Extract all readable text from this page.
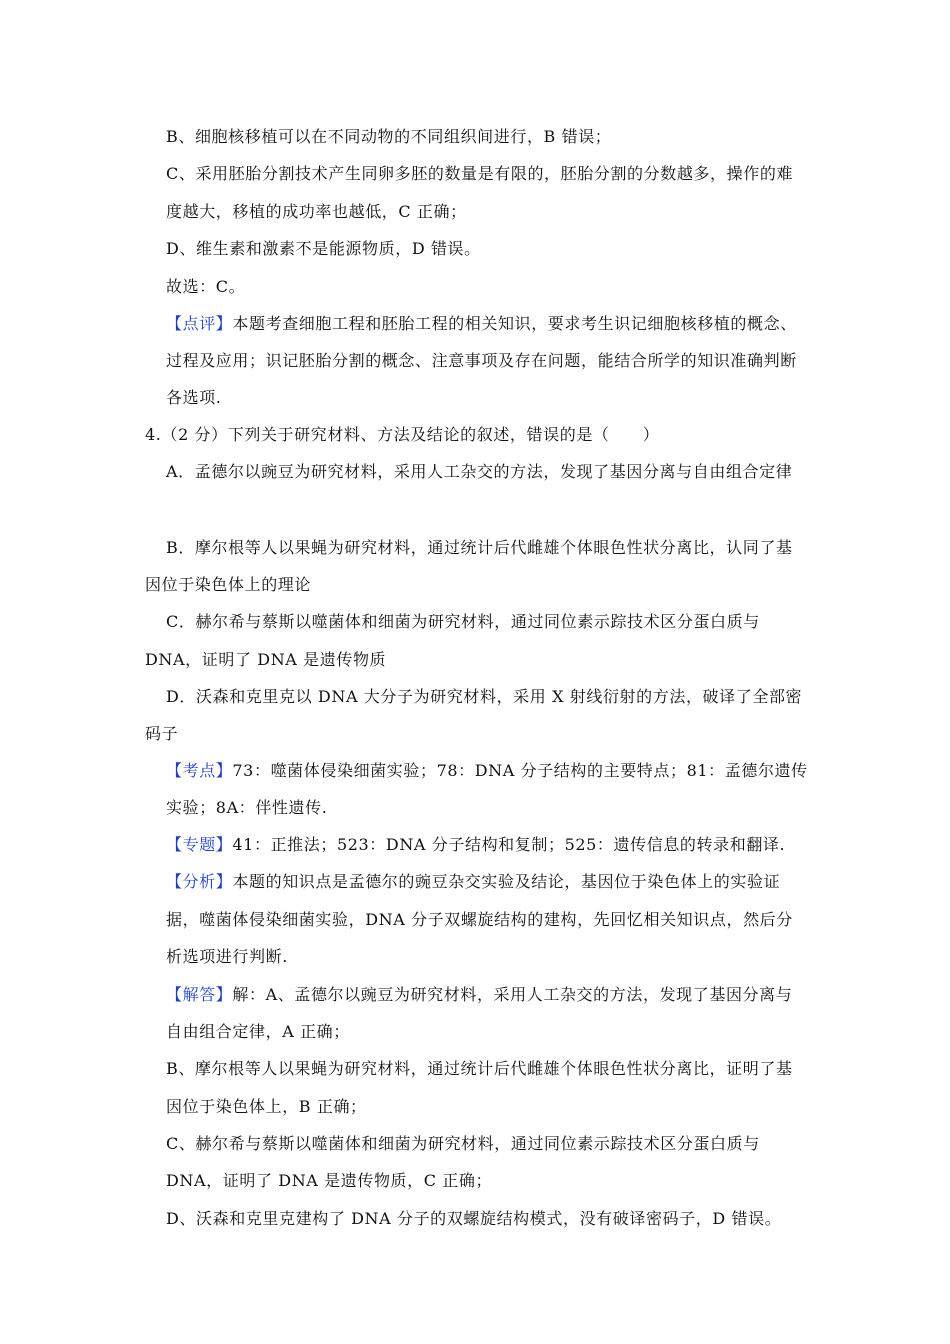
B、细胞核移植可以在不同动物的不同组织间进行，B 错误；
C、采用胚胎分割技术产生同卵多胚的数量是有限的，胚胎分割的分数越多，操作的难
度越大，移植的成功率也越低，C 正确；
D、维生素和激素不是能源物质，D 错误。
故选：C。
【点评】本题考查细胞工程和胚胎工程的相关知识，要求考生识记细胞核移植的概念、
过程及应用；识记胚胎分割的概念、注意事项及存在问题，能结合所学的知识准确判断
各选项.
4.（2 分）下列关于研究材料、方法及结论的叙述，错误的是（　　）
A．孟德尔以豌豆为研究材料，采用人工杂交的方法，发现了基因分离与自由组合定律
B．摩尔根等人以果蝇为研究材料，通过统计后代雌雄个体眼色性状分离比，认同了基
因位于染色体上的理论
C．赫尔希与蔡斯以噬菌体和细菌为研究材料，通过同位素示踪技术区分蛋白质与
DNA，证明了 DNA 是遗传物质
D．沃森和克里克以 DNA 大分子为研究材料，采用 X 射线衍射的方法，破译了全部密
码子
【考点】73：噬菌体侵染细菌实验；78：DNA 分子结构的主要特点；81：孟德尔遗传
实验；8A：伴性遗传.
【专题】41：正推法；523：DNA 分子结构和复制；525：遗传信息的转录和翻译.
【分析】本题的知识点是孟德尔的豌豆杂交实验及结论，基因位于染色体上的实验证
据，噬菌体侵染细菌实验，DNA 分子双螺旋结构的建构，先回忆相关知识点，然后分
析选项进行判断.
【解答】解：A、孟德尔以豌豆为研究材料，采用人工杂交的方法，发现了基因分离与
自由组合定律，A 正确；
B、摩尔根等人以果蝇为研究材料，通过统计后代雌雄个体眼色性状分离比，证明了基
因位于染色体上，B 正确；
C、赫尔希与蔡斯以噬菌体和细菌为研究材料，通过同位素示踪技术区分蛋白质与
DNA，证明了 DNA 是遗传物质，C 正确；
D、沃森和克里克建构了 DNA 分子的双螺旋结构模式，没有破译密码子，D 错误。
